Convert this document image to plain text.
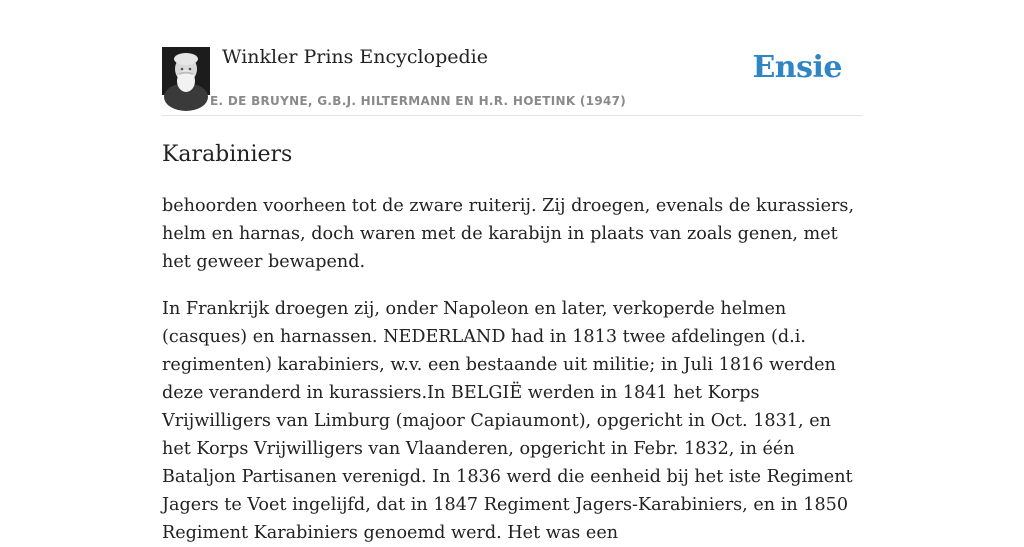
Winkler Prins Encyclopedie
E. DE BRUYNE, G.B.J. HILTERMANN EN H.R. HOETINK (1947)
Ensie
Karabiniers

behoorden voorheen tot de zware ruiterij. Zij droegen, evenals de kurassiers, helm en harnas, doch waren met de karabijn in plaats van zoals genen, met het geweer bewapend.

In Frankrijk droegen zij, onder Napoleon en later, verkoperde helmen (casques) en harnassen. NEDERLAND had in 1813 twee afdelingen (d.i. regimenten) karabiniers, w.v. een bestaande uit militie; in Juli 1816 werden deze veranderd in kurassiers.In BELGIË werden in 1841 het Korps Vrijwilligers van Limburg (majoor Capiaumont), opgericht in Oct. 1831, en het Korps Vrijwilligers van Vlaanderen, opgericht in Febr. 1832, in één Bataljon Partisanen verenigd. In 1836 werd die eenheid bij het iste Regiment Jagers te Voet ingelijfd, dat in 1847 Regiment Jagers-Karabiniers, en in 1850 Regiment Karabiniers genoemd werd. Het was een
